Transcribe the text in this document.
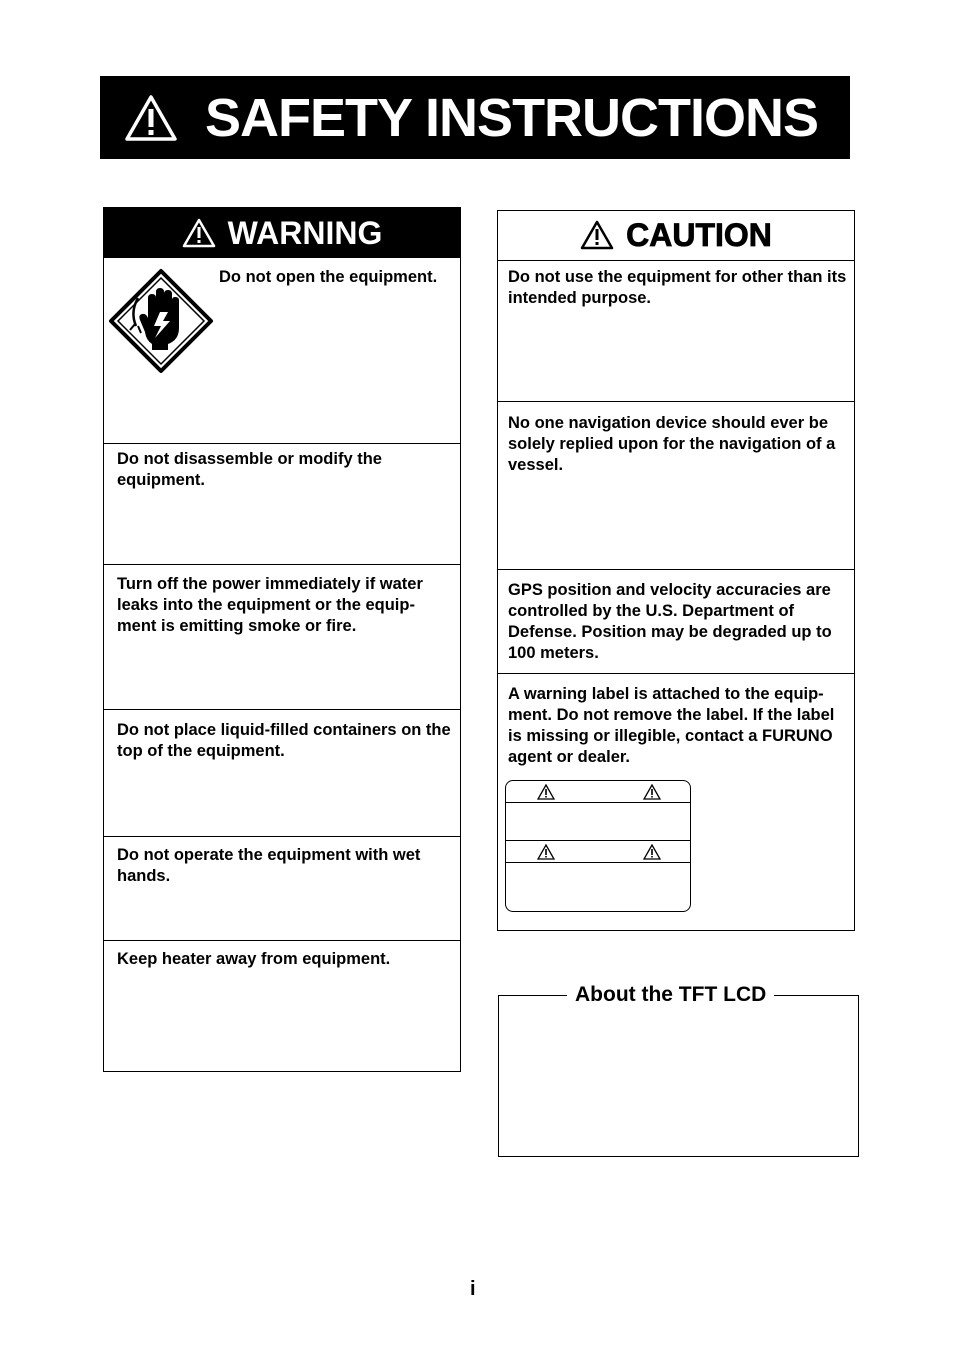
SAFETY INSTRUCTIONS
WARNING
Do not open the equipment.
Do not disassemble or modify the equipment.
Turn off the power immediately if water leaks into the equipment or the equip-ment is emitting smoke or fire.
Do not place liquid-filled containers on the top of the equipment.
Do not operate the equipment with wet hands.
Keep heater away from equipment.
CAUTION
Do not use the equipment for other than its intended purpose.
No one navigation device should ever be solely replied upon for the navigation of a vessel.
GPS position and velocity accuracies are controlled by the U.S. Department of Defense. Position may be degraded up to 100 meters.
A warning label is attached to the equip-ment. Do not remove the label. If the label is missing or illegible, contact a FURUNO agent or dealer.
About the TFT LCD
i
